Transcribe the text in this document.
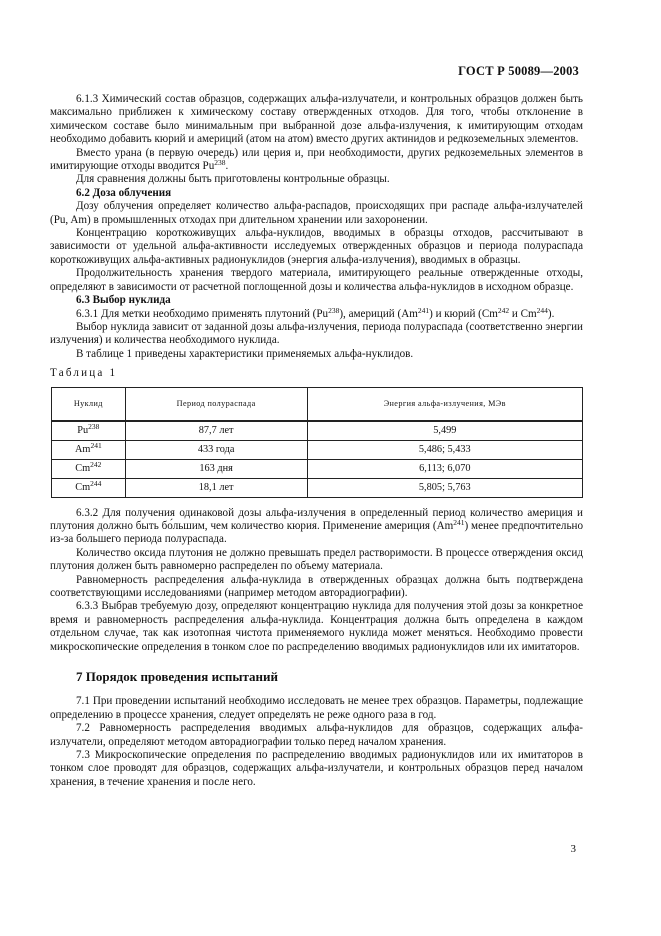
ГОСТ Р 50089—2003

6.1.3 Химический состав образцов, содержащих альфа-излучатели, и контрольных образцов должен быть максимально приближен к химическому составу отвержденных отходов. Для того, чтобы отклонение в химическом составе было минимальным при выбранной дозе альфа-излучения, к имитирующим отходам необходимо добавить кюрий и америций (атом на атом) вместо других актинидов и редкоземельных элементов.

Вместо урана (в первую очередь) или церия и, при необходимости, других редкоземельных элементов в имитирующие отходы вводится Pu$^{238}$.

Для сравнения должны быть приготовлены контрольные образцы.

6.2 Доза облучения

Дозу облучения определяет количество альфа-распадов, происходящих при распаде альфа-излучателей (Pu, Am) в промышленных отходах при длительном хранении или захоронении.

Концентрацию короткоживущих альфа-нуклидов, вводимых в образцы отходов, рассчитывают в зависимости от удельной альфа-активности исследуемых отвержденных образцов и периода полураспада короткоживущих альфа-активных радионуклидов (энергия альфа-излучения), вводимых в образцы.

Продолжительность хранения твердого материала, имитирующего реальные отвержденные отходы, определяют в зависимости от расчетной поглощенной дозы и количества альфа-нуклидов в исходном образце.

6.3 Выбор нуклида

6.3.1 Для метки необходимо применять плутоний (Pu$^{238}$), америций (Am$^{241}$) и кюрий (Cm$^{242}$ и Cm$^{244}$).

Выбор нуклида зависит от заданной дозы альфа-излучения, периода полураспада (соответственно энергии излучения) и количества необходимого нуклида.

В таблице 1 приведены характеристики применяемых альфа-нуклидов.

Таблица 1

Нуклид	Период полураспада	Энергия альфа-излучения, МЭв
Pu$^{238}$	87,7 лет	5,499
Am$^{241}$	433 года	5,486; 5,433
Cm$^{242}$	163 дня	6,113; 6,070
Cm$^{244}$	18,1 лет	5,805; 5,763

6.3.2 Для получения одинаковой дозы альфа-излучения в определенный период количество америция и плутония должно быть бо́льшим, чем количество кюрия. Применение америция (Am$^{241}$) менее предпочтительно из-за большего периода полураспада.

Количество оксида плутония не должно превышать предел растворимости. В процессе отверждения оксид плутония должен быть равномерно распределен по объему материала.

Равномерность распределения альфа-нуклида в отвержденных образцах должна быть подтверждена соответствующими исследованиями (например методом авторадиографии).

6.3.3 Выбрав требуемую дозу, определяют концентрацию нуклида для получения этой дозы за конкретное время и равномерность распределения альфа-нуклида. Концентрация должна быть определена в каждом отдельном случае, так как изотопная чистота применяемого нуклида может меняться. Необходимо провести микроскопические определения в тонком слое по распределению вводимых радионуклидов или их имитаторов.

7 Порядок проведения испытаний

7.1 При проведении испытаний необходимо исследовать не менее трех образцов. Параметры, подлежащие определению в процессе хранения, следует определять не реже одного раза в год.

7.2 Равномерность распределения вводимых альфа-нуклидов для образцов, содержащих альфа-излучатели, определяют методом авторадиографии только перед началом хранения.

7.3 Микроскопические определения по распределению вводимых радионуклидов или их имитаторов в тонком слое проводят для образцов, содержащих альфа-излучатели, и контрольных образцов перед началом хранения, в течение хранения и после него.

3
